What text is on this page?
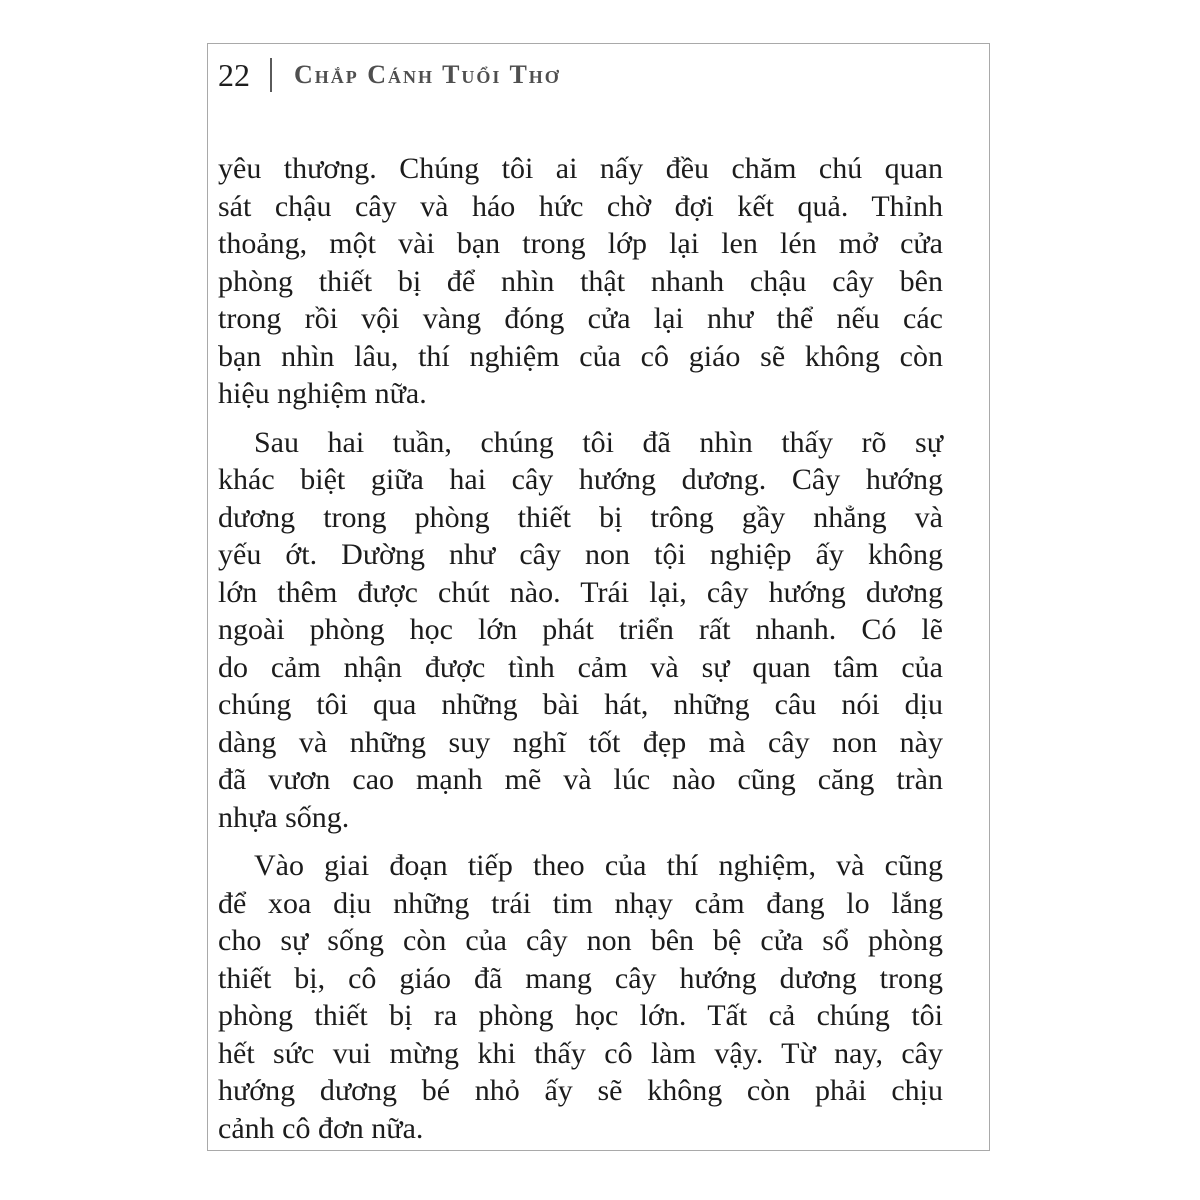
22 Chắp Cánh Tuổi Thơ
yêu thương. Chúng tôi ai nấy đều chăm chú quan
sát chậu cây và háo hức chờ đợi kết quả. Thỉnh
thoảng, một vài bạn trong lớp lại len lén mở cửa
phòng thiết bị để nhìn thật nhanh chậu cây bên
trong rồi vội vàng đóng cửa lại như thể nếu các
bạn nhìn lâu, thí nghiệm của cô giáo sẽ không còn
hiệu nghiệm nữa.
Sau hai tuần, chúng tôi đã nhìn thấy rõ sự
khác biệt giữa hai cây hướng dương. Cây hướng
dương trong phòng thiết bị trông gầy nhẳng và
yếu ớt. Dường như cây non tội nghiệp ấy không
lớn thêm được chút nào. Trái lại, cây hướng dương
ngoài phòng học lớn phát triển rất nhanh. Có lẽ
do cảm nhận được tình cảm và sự quan tâm của
chúng tôi qua những bài hát, những câu nói dịu
dàng và những suy nghĩ tốt đẹp mà cây non này
đã vươn cao mạnh mẽ và lúc nào cũng căng tràn
nhựa sống.
Vào giai đoạn tiếp theo của thí nghiệm, và cũng
để xoa dịu những trái tim nhạy cảm đang lo lắng
cho sự sống còn của cây non bên bệ cửa sổ phòng
thiết bị, cô giáo đã mang cây hướng dương trong
phòng thiết bị ra phòng học lớn. Tất cả chúng tôi
hết sức vui mừng khi thấy cô làm vậy. Từ nay, cây
hướng dương bé nhỏ ấy sẽ không còn phải chịu
cảnh cô đơn nữa.
